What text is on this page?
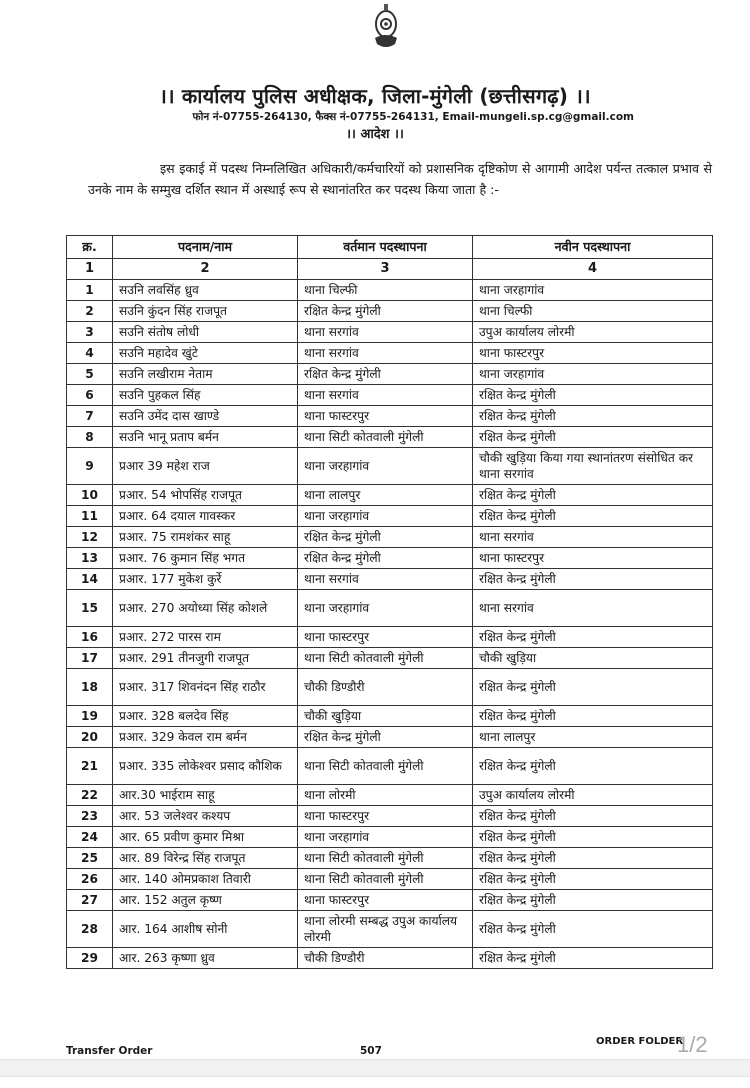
।। कार्यालय पुलिस अधीक्षक, जिला-मुंगेली (छत्तीसगढ़) ।।
फोन नं-07755-264130, फैक्स नं-07755-264131, Email-mungeli.sp.cg@gmail.com
।। आदेश ।।
इस इकाई में पदस्थ निम्नलिखित अधिकारी/कर्मचारियों को प्रशासनिक दृष्टिकोण से आगामी आदेश पर्यन्त तत्काल प्रभाव से उनके नाम के सम्मुख दर्शित स्थान में अस्थाई रूप से स्थानांतरित कर पदस्थ किया जाता है :-
क्र.	पदनाम/नाम	वर्तमान पदस्थापना	नवीन पदस्थापना
1	2	3	4
1	सउनि लवसिंह ध्रुव	थाना चिल्फी	थाना जरहागांव
2	सउनि कुंदन सिंह राजपूत	रक्षित केन्द्र मुंगेली	थाना चिल्फी
3	सउनि संतोष लोधी	थाना सरगांव	उपुअ कार्यालय लोरमी
4	सउनि महादेव खुंटे	थाना सरगांव	थाना फास्टरपुर
5	सउनि लखीराम नेताम	रक्षित केन्द्र मुंगेली	थाना जरहागांव
6	सउनि पुहकल सिंह	थाना सरगांव	रक्षित केन्द्र मुंगेली
7	सउनि उमेंद दास खाण्डे	थाना फास्टरपुर	रक्षित केन्द्र मुंगेली
8	सउनि भानू प्रताप बर्मन	थाना सिटी कोतवाली मुंगेली	रक्षित केन्द्र मुंगेली
9	प्रआर 39 महेश राज	थाना जरहागांव	चौकी खुड़िया किया गया स्थानांतरण संसोधित कर थाना सरगांव
10	प्रआर. 54 भोपसिंह राजपूत	थाना लालपुर	रक्षित केन्द्र मुंगेली
11	प्रआर. 64 दयाल गावस्कर	थाना जरहागांव	रक्षित केन्द्र मुंगेली
12	प्रआर. 75 रामशंकर साहू	रक्षित केन्द्र मुंगेली	थाना सरगांव
13	प्रआर. 76 कुमान सिंह भगत	रक्षित केन्द्र मुंगेली	थाना फास्टरपुर
14	प्रआर. 177 मुकेश कुर्रे	थाना सरगांव	रक्षित केन्द्र मुंगेली
15	प्रआर. 270 अयोध्या सिंह कोशले	थाना जरहागांव	थाना सरगांव
16	प्रआर. 272 पारस राम	थाना फास्टरपुर	रक्षित केन्द्र मुंगेली
17	प्रआर. 291 तीनजुगी राजपूत	थाना सिटी कोतवाली मुंगेली	चौकी खुड़िया
18	प्रआर. 317 शिवनंदन सिंह राठौर	चौकी डिण्डौरी	रक्षित केन्द्र मुंगेली
19	प्रआर. 328 बलदेव सिंह	चौकी खुड़िया	रक्षित केन्द्र मुंगेली
20	प्रआर. 329 केवल राम बर्मन	रक्षित केन्द्र मुंगेली	थाना लालपुर
21	प्रआर. 335 लोकेश्वर प्रसाद कौशिक	थाना सिटी कोतवाली मुंगेली	रक्षित केन्द्र मुंगेली
22	आर.30 भाईराम साहू	थाना लोरमी	उपुअ कार्यालय लोरमी
23	आर. 53 जलेश्वर कश्यप	थाना फास्टरपुर	रक्षित केन्द्र मुंगेली
24	आर. 65 प्रवीण कुमार मिश्रा	थाना जरहागांव	रक्षित केन्द्र मुंगेली
25	आर. 89 विरेन्द्र सिंह राजपूत	थाना सिटी कोतवाली मुंगेली	रक्षित केन्द्र मुंगेली
26	आर. 140 ओमप्रकाश तिवारी	थाना सिटी कोतवाली मुंगेली	रक्षित केन्द्र मुंगेली
27	आर. 152 अतुल कृष्ण	थाना फास्टरपुर	रक्षित केन्द्र मुंगेली
28	आर. 164 आशीष सोनी	थाना लोरमी सम्बद्ध उपुअ कार्यालय लोरमी	रक्षित केन्द्र मुंगेली
29	आर. 263 कृष्णा ध्रुव	चौकी डिण्डौरी	रक्षित केन्द्र मुंगेली
Transfer Order	507
ORDER FOLDER
1/2
